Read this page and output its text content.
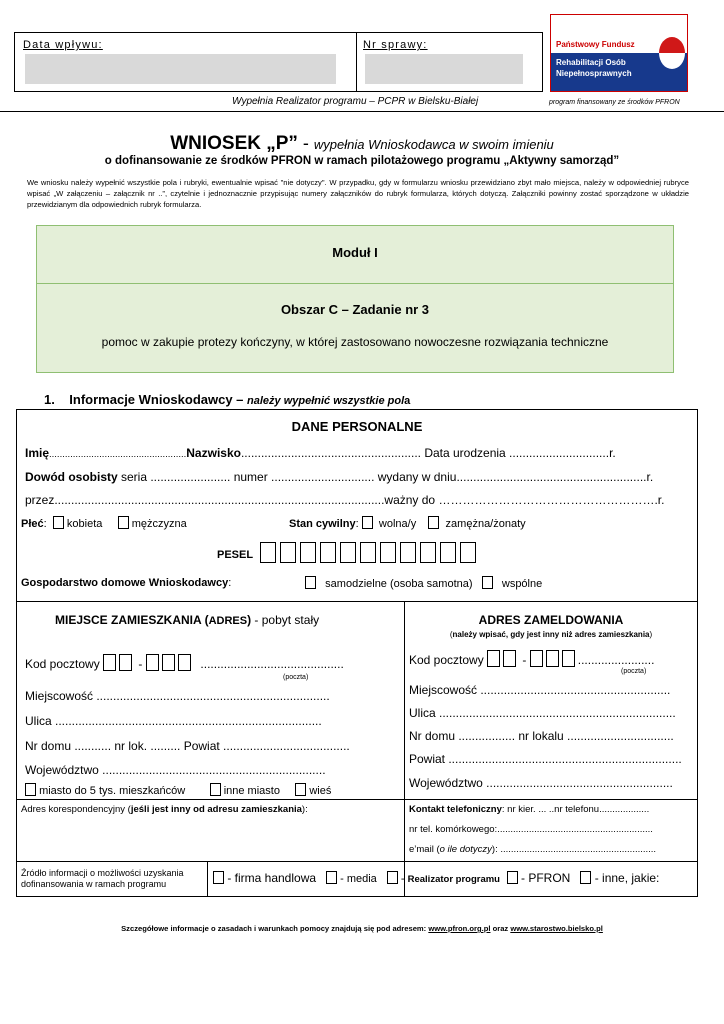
Data wpływu:	Nr sprawy:	Państwowy Fundusz
Rehabilitacji Osób
Niepełnosprawnych
Wypełnia Realizator programu – PCPR w Bielsku-Białej	program finansowany ze środków PFRON
WNIOSEK „P” - wypełnia Wnioskodawca w swoim imieniu
o dofinansowanie ze środków PFRON w ramach pilotażowego programu „Aktywny samorząd”
We wniosku należy wypełnić wszystkie pola i rubryki, ewentualnie wpisać "nie dotyczy". W przypadku, gdy w formularzu wniosku przewidziano zbyt mało miejsca, należy w odpowiedniej rubryce wpisać „W załączeniu – załącznik nr ..”, czytelnie i jednoznacznie przypisując numery załączników do rubryk formularza, których dotyczą. Załączniki powinny zostać sporządzone w układzie przewidzianym dla odpowiednich rubryk formularza.
Moduł I
Obszar C – Zadanie nr 3
pomoc w zakupie protezy kończyny, w której zastosowano nowoczesne rozwiązania techniczne
1. Informacje Wnioskodawcy – należy wypełnić wszystkie pola
DANE PERSONALNE
Imię....................................................Nazwisko...................................................... Data urodzenia ..............................r.
Dowód osobisty seria ........................ numer ............................... wydany w dniu.........................................................r.
przez...................................................................................................ważny do ……………………………………………….r.
Płeć: kobieta	mężczyzna	Stan cywilny: wolna/y	zamężna/żonaty
PESEL
Gospodarstwo domowe Wnioskodawcy:	samodzielne (osoba samotna)	wspólne
MIEJSCE ZAMIESZKANIA (ADRES) - pobyt stały
Kod pocztowy	-	...........................................
(poczta)
Miejscowość ......................................................................
Ulica ................................................................................
Nr domu ........... nr lok. ......... Powiat ......................................
Województwo ...................................................................
miasto do 5 tys. mieszkańców	inne miasto	wieś
ADRES ZAMELDOWANIA
(należy wpisać, gdy jest inny niż adres zamieszkania)
Kod pocztowy	-	.......................
(poczta)
Miejscowość .........................................................
Ulica .......................................................................
Nr domu ................. nr lokalu ................................
Powiat ......................................................................
Województwo ........................................................
Adres korespondencyjny (jeśli jest inny od adresu zamieszkania):	Kontakt telefoniczny: nr kier. ... ..nr telefonu...................
nr tel. komórkowego:...........................................................
e’mail (o ile dotyczy): ...........................................................
Źródło informacji o możliwości uzyskania
dofinansowania w ramach programu	- firma handlowa    - media    - Realizator programu   - PFRON    - inne, jakie:
Szczegółowe informacje o zasadach i warunkach pomocy znajdują się pod adresem: www.pfron.org.pl oraz www.starostwo.bielsko.pl
